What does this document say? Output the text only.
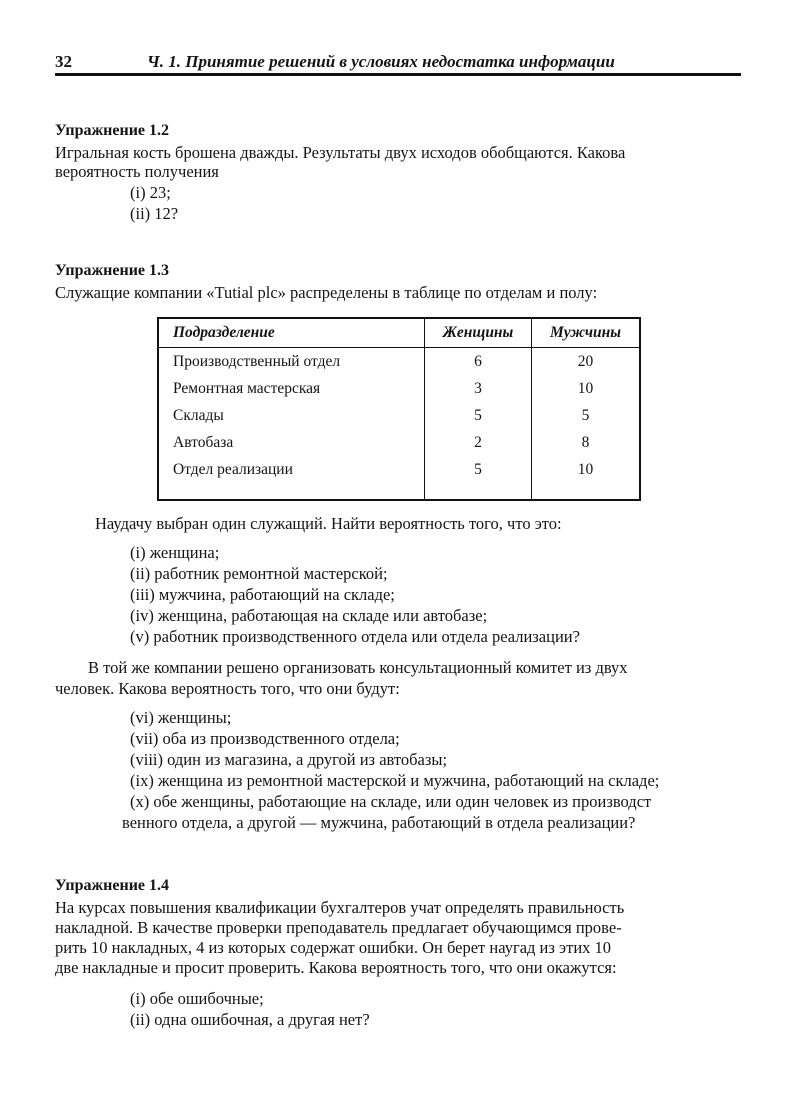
32	Ч. 1. Принятие решений в условиях недостатка информации
Упражнение 1.2
Игральная кость брошена дважды. Результаты двух исходов обобщаются. Какова
вероятность получения
(i) 23;
(ii) 12?
Упражнение 1.3
Служащие компании «Tutial plc» распределены в таблице по отделам и полу:
Подразделение	Женщины	Мужчины
Производственный отдел	6	20
Ремонтная мастерская	3	10
Склады	5	5
Автобаза	2	8
Отдел реализации	5	10

Наудачу выбран один служащий. Найти вероятность того, что это:
(i) женщина;
(ii) работник ремонтной мастерской;
(iii) мужчина, работающий на складе;
(iv) женщина, работающая на складе или автобазе;
(v) работник производственного отдела или отдела реализации?
В той же компании решено организовать консультационный комитет из двух
человек. Какова вероятность того, что они будут:
(vi) женщины;
(vii) оба из производственного отдела;
(viii) один из магазина, а другой из автобазы;
(ix) женщина из ремонтной мастерской и мужчина, работающий на складе;
(x) обе женщины, работающие на складе, или один человек из производст
венного отдела, а другой — мужчина, работающий в отдела реализации?
Упражнение 1.4
На курсах повышения квалификации бухгалтеров учат определять правильность
накладной. В качестве проверки преподаватель предлагает обучающимся прове-
рить 10 накладных, 4 из которых содержат ошибки. Он берет наугад из этих 10
две накладные и просит проверить. Какова вероятность того, что они окажутся:
(i) обе ошибочные;
(ii) одна ошибочная, а другая нет?
